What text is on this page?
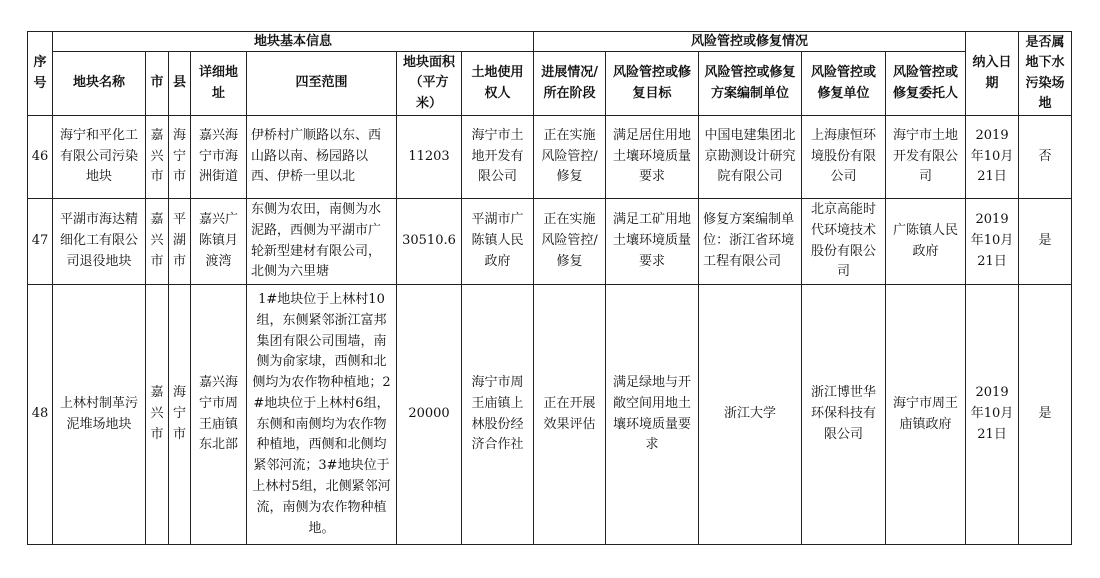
序号	地块基本信息							风险管控或修复情况					纳入日期	是否属地下水污染场地
	地块名称	市	县	详细地址	四至范围	地块面积（平方米）	土地使用权人	进展情况/所在阶段	风险管控或修复目标	风险管控或修复方案编制单位	风险管控或修复单位	风险管控或修复委托人		
46	海宁和平化工有限公司污染地块	嘉兴市	海宁市	嘉兴海宁市海洲街道	伊桥村广顺路以东、西山路以南、杨园路以西、伊桥一里以北	11203	海宁市土地开发有限公司	正在实施风险管控/修复	满足居住用地土壤环境质量要求	中国电建集团北京勘测设计研究院有限公司	上海康恒环境股份有限公司	海宁市土地开发有限公司	2019年10月21日	否
47	平湖市海达精细化工有限公司退役地块	嘉兴市	平湖市	嘉兴广陈镇月渡湾	东侧为农田，南侧为水泥路，西侧为平湖市广轮新型建材有限公司，北侧为六里塘	30510.6	平湖市广陈镇人民政府	正在实施风险管控/修复	满足工矿用地土壤环境质量要求	修复方案编制单位：浙江省环境工程有限公司	北京高能时代环境技术股份有限公司	广陈镇人民政府	2019年10月21日	是
48	上林村制革污泥堆场地块	嘉兴市	海宁市	嘉兴海宁市周王庙镇东北部	1#地块位于上林村10组，东侧紧邻浙江富邦集团有限公司围墙，南侧为俞家埭，西侧和北侧均为农作物种植地；2#地块位于上林村6组，东侧和南侧均为农作物种植地，西侧和北侧均紧邻河流；3#地块位于上林村5组，北侧紧邻河流，南侧为农作物种植地。	20000	海宁市周王庙镇上林股份经济合作社	正在开展效果评估	满足绿地与开敞空间用地土壤环境质量要求	浙江大学	浙江博世华环保科技有限公司	海宁市周王庙镇政府	2019年10月21日	是
